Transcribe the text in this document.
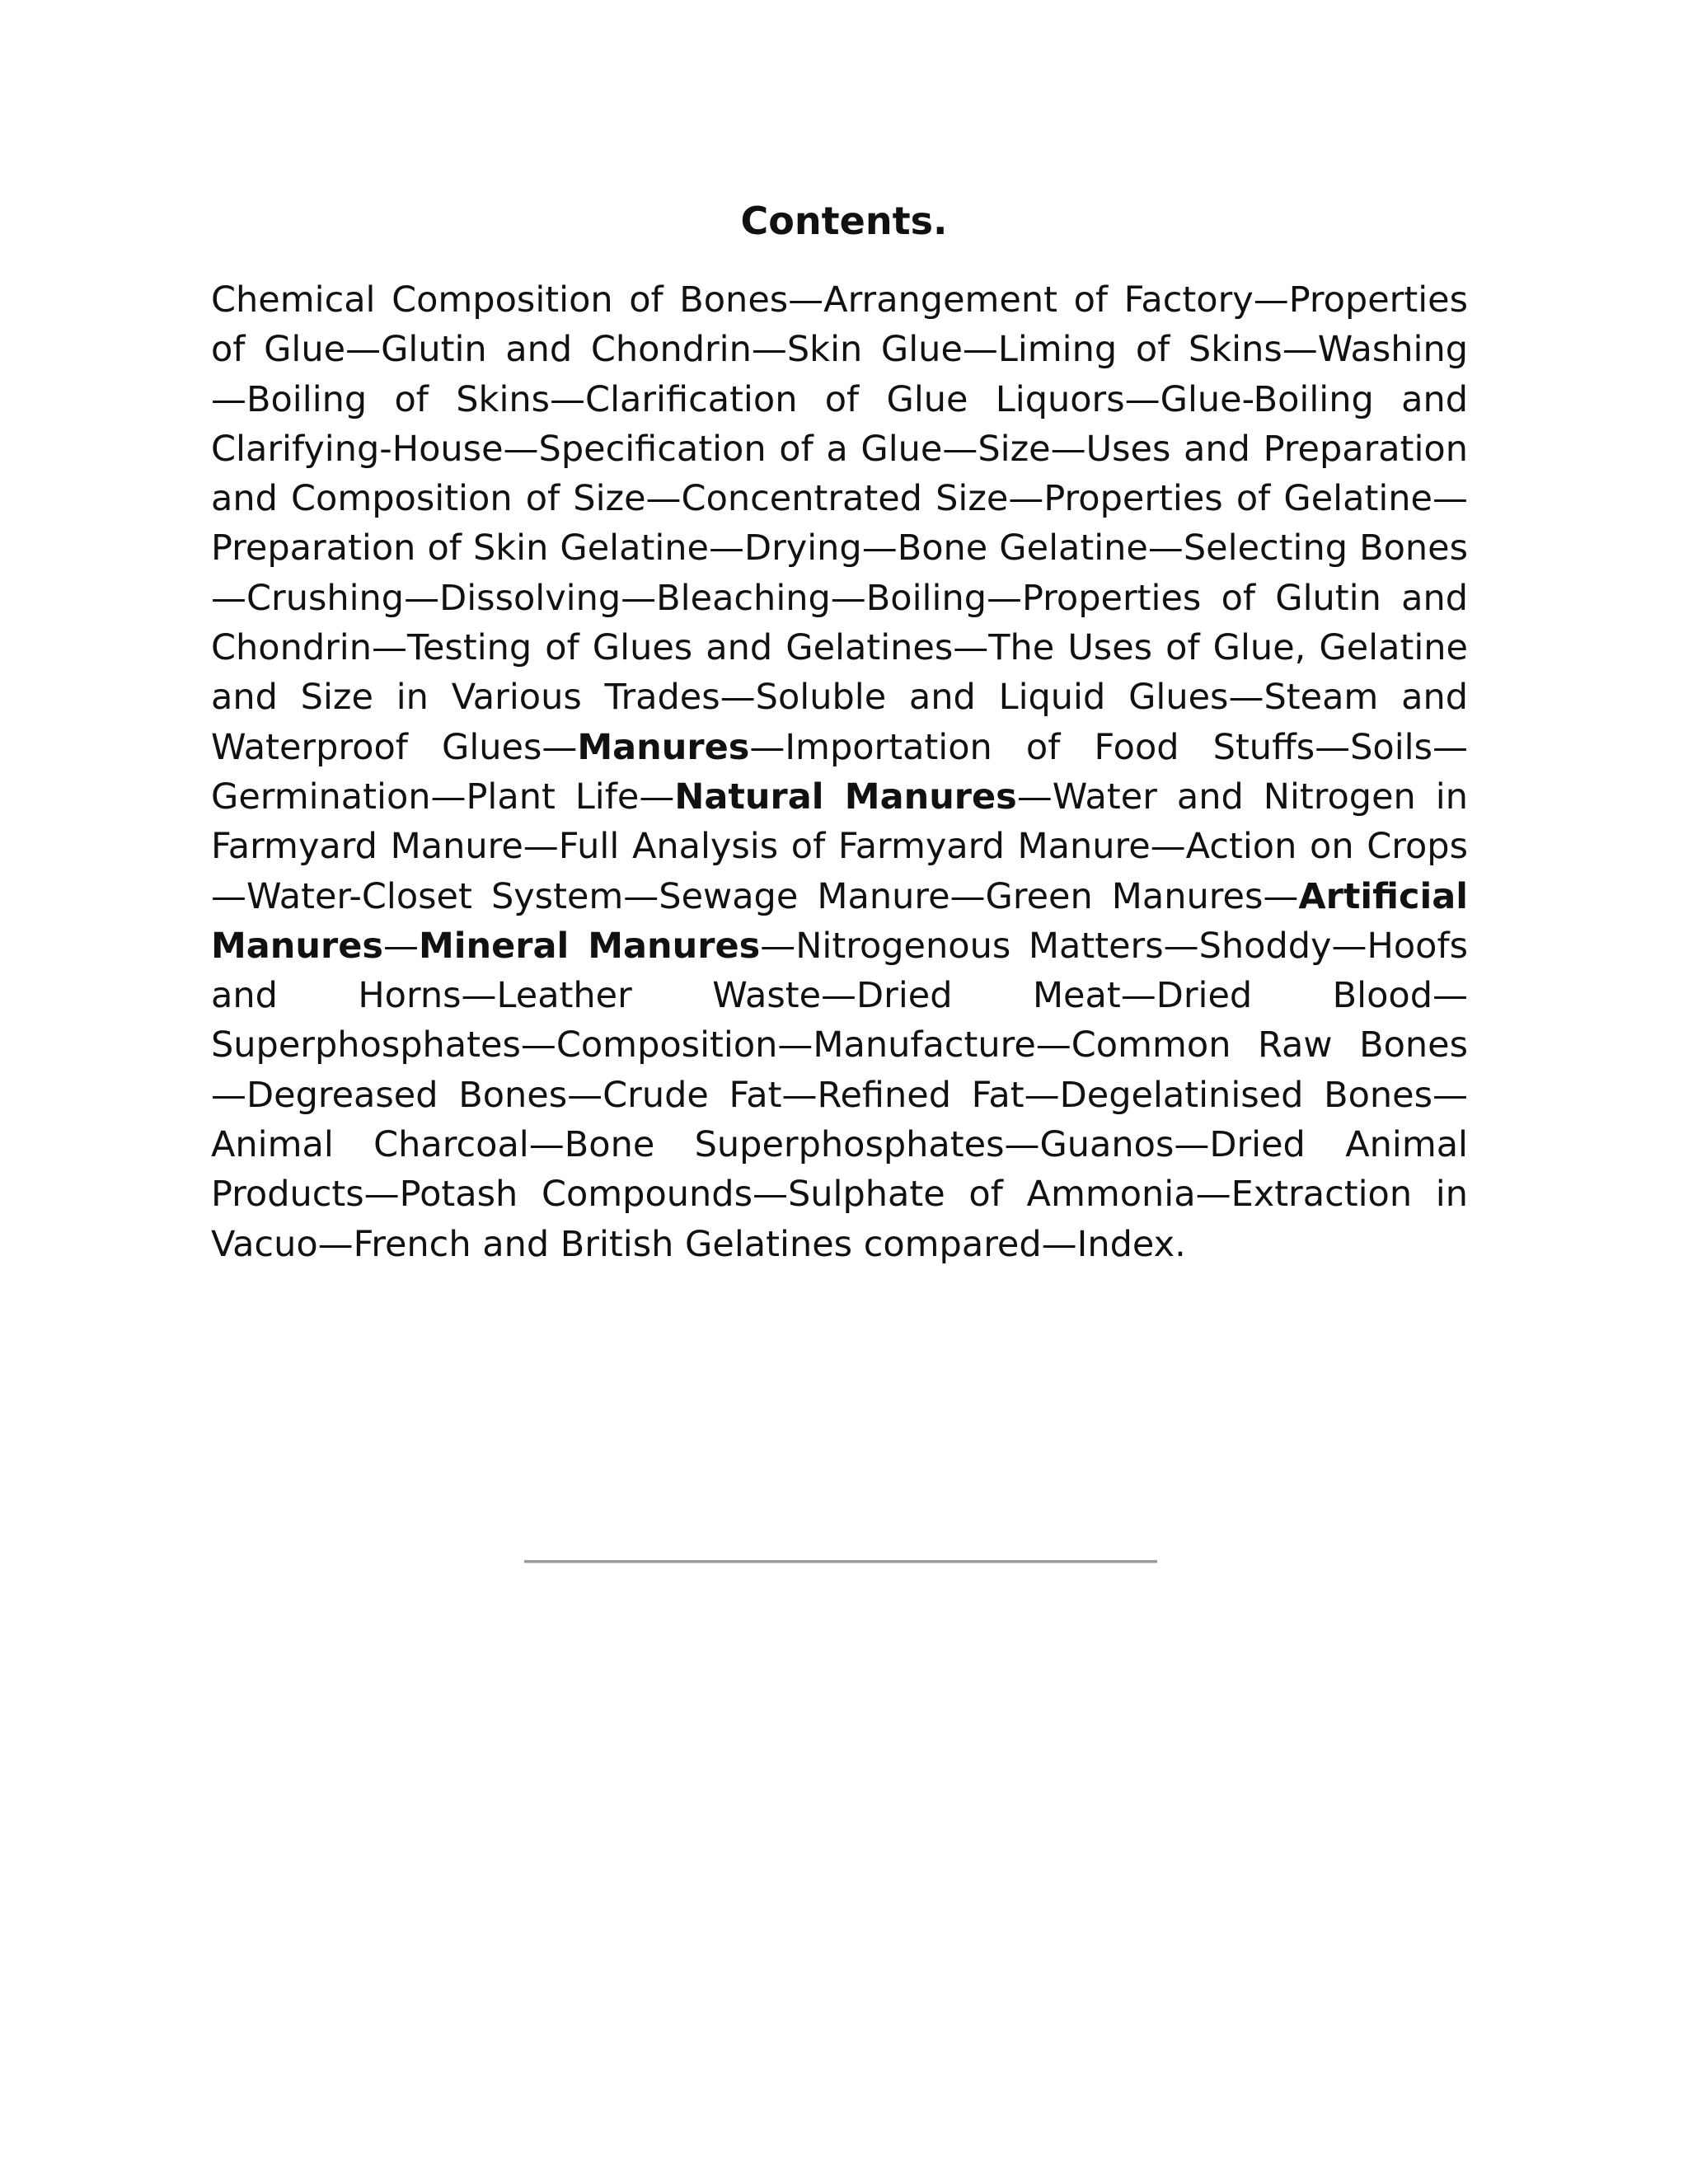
Contents.

Chemical Composition of Bones—Arrangement of Factory—Properties of Glue—Glutin and Chondrin—Skin Glue—Liming of Skins—Washing —Boiling of Skins—Clarification of Glue Liquors—Glue-Boiling and Clarifying-House—Specification of a Glue—Size—Uses and Preparation and Composition of Size—Concentrated Size—Properties of Gelatine—Preparation of Skin Gelatine—Drying—Bone Gelatine—Selecting Bones—Crushing—Dissolving—Bleaching—Boiling—Properties of Glutin and Chondrin—Testing of Glues and Gelatines—The Uses of Glue, Gelatine and Size in Various Trades—Soluble and Liquid Glues—Steam and Waterproof Glues—Manures—Importation of Food Stuffs—Soils—Germination—Plant Life—Natural Manures—Water and Nitrogen in Farmyard Manure—Full Analysis of Farmyard Manure—Action on Crops—Water-Closet System—Sewage Manure—Green Manures—Artificial Manures—Mineral Manures—Nitrogenous Matters—Shoddy—Hoofs and Horns—Leather Waste—Dried Meat—Dried Blood—Superphosphates—Composition—Manufacture—Common Raw Bones—Degreased Bones—Crude Fat—Refined Fat—Degelatinised Bones—Animal Charcoal—Bone Superphosphates—Guanos—Dried Animal Products—Potash Compounds—Sulphate of Ammonia—Extraction in Vacuo—French and British Gelatines compared—Index.
